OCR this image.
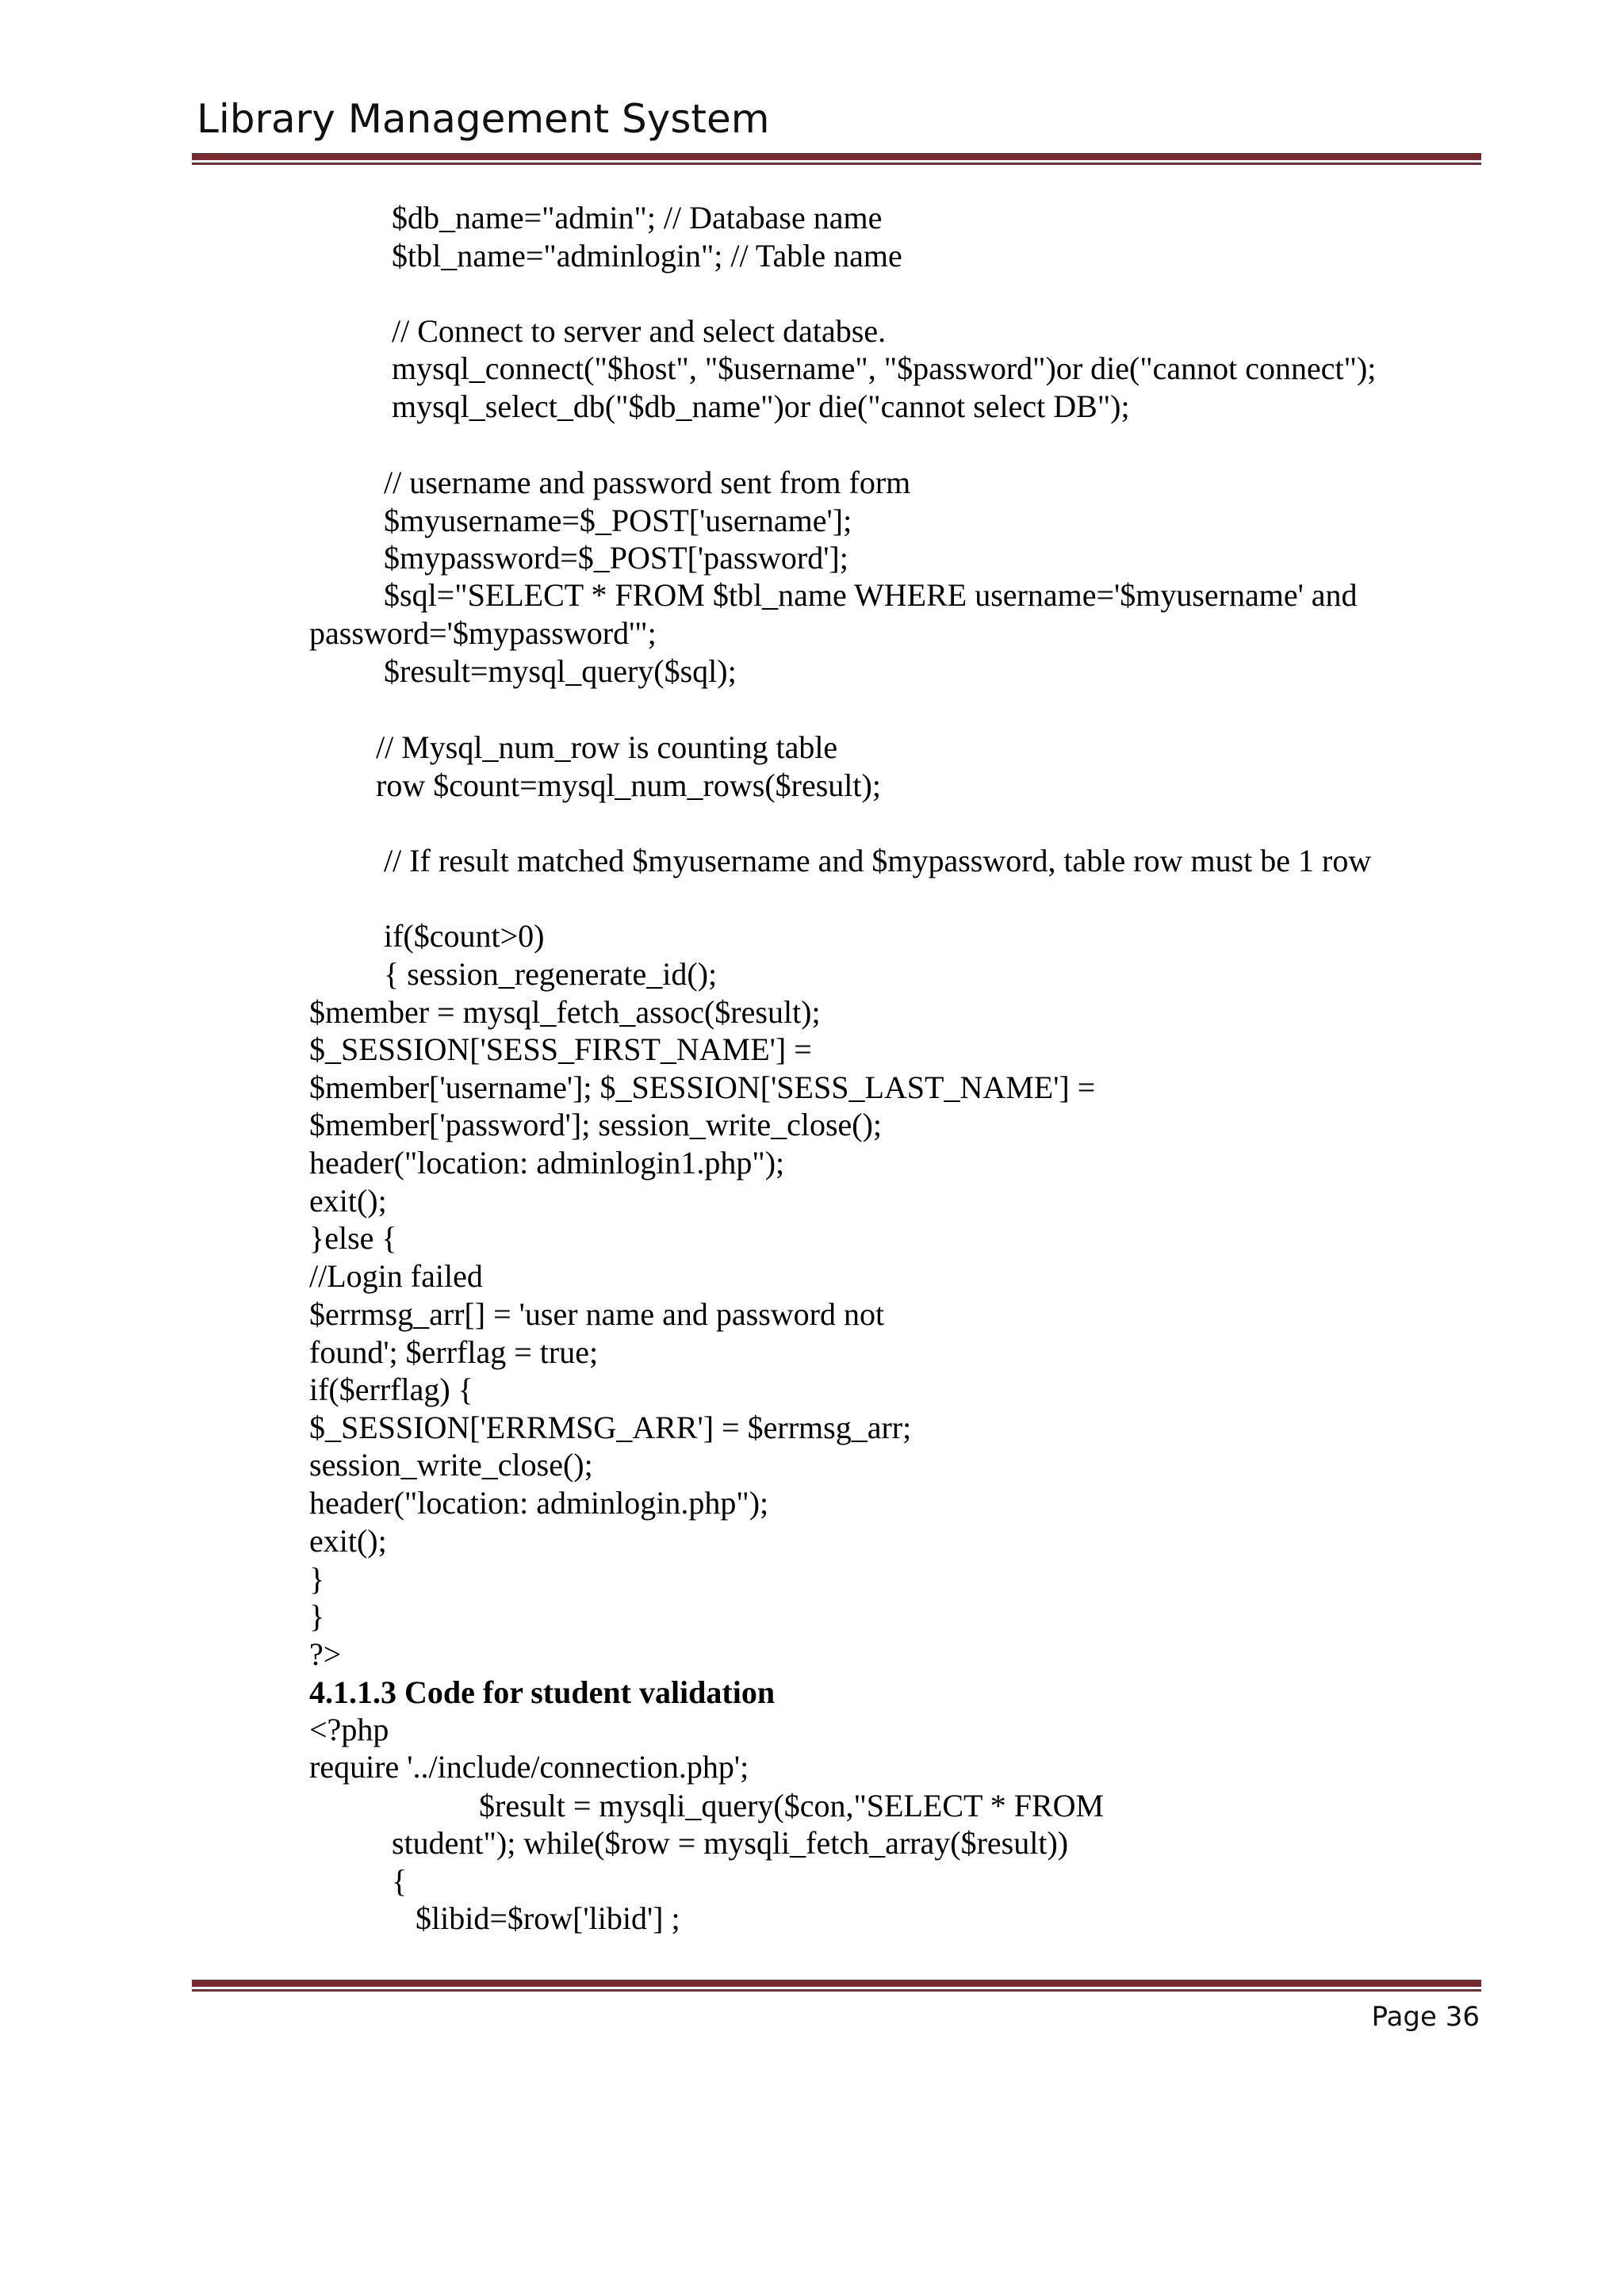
Library Management System
$db_name="admin"; // Database name
$tbl_name="adminlogin"; // Table name
// Connect to server and select databse.
mysql_connect("$host", "$username", "$password")or die("cannot connect");
mysql_select_db("$db_name")or die("cannot select DB");
// username and password sent from form
$myusername=$_POST['username'];
$mypassword=$_POST['password'];
$sql="SELECT * FROM $tbl_name WHERE username='$myusername' and
password='$mypassword'";
$result=mysql_query($sql);
// Mysql_num_row is counting table
row $count=mysql_num_rows($result);
// If result matched $myusername and $mypassword, table row must be 1 row
if($count>0)
{ session_regenerate_id();
$member = mysql_fetch_assoc($result);
$_SESSION['SESS_FIRST_NAME'] =
$member['username']; $_SESSION['SESS_LAST_NAME'] =
$member['password']; session_write_close();
header("location: adminlogin1.php");
exit();
}else {
//Login failed
$errmsg_arr[] = 'user name and password not
found'; $errflag = true;
if($errflag) {
$_SESSION['ERRMSG_ARR'] = $errmsg_arr;
session_write_close();
header("location: adminlogin.php");
exit();
}
}
?>
4.1.1.3 Code for student validation
<?php
require '../include/connection.php';
$result = mysqli_query($con,"SELECT * FROM
student"); while($row = mysqli_fetch_array($result))
{
$libid=$row['libid'] ;
Page 36
